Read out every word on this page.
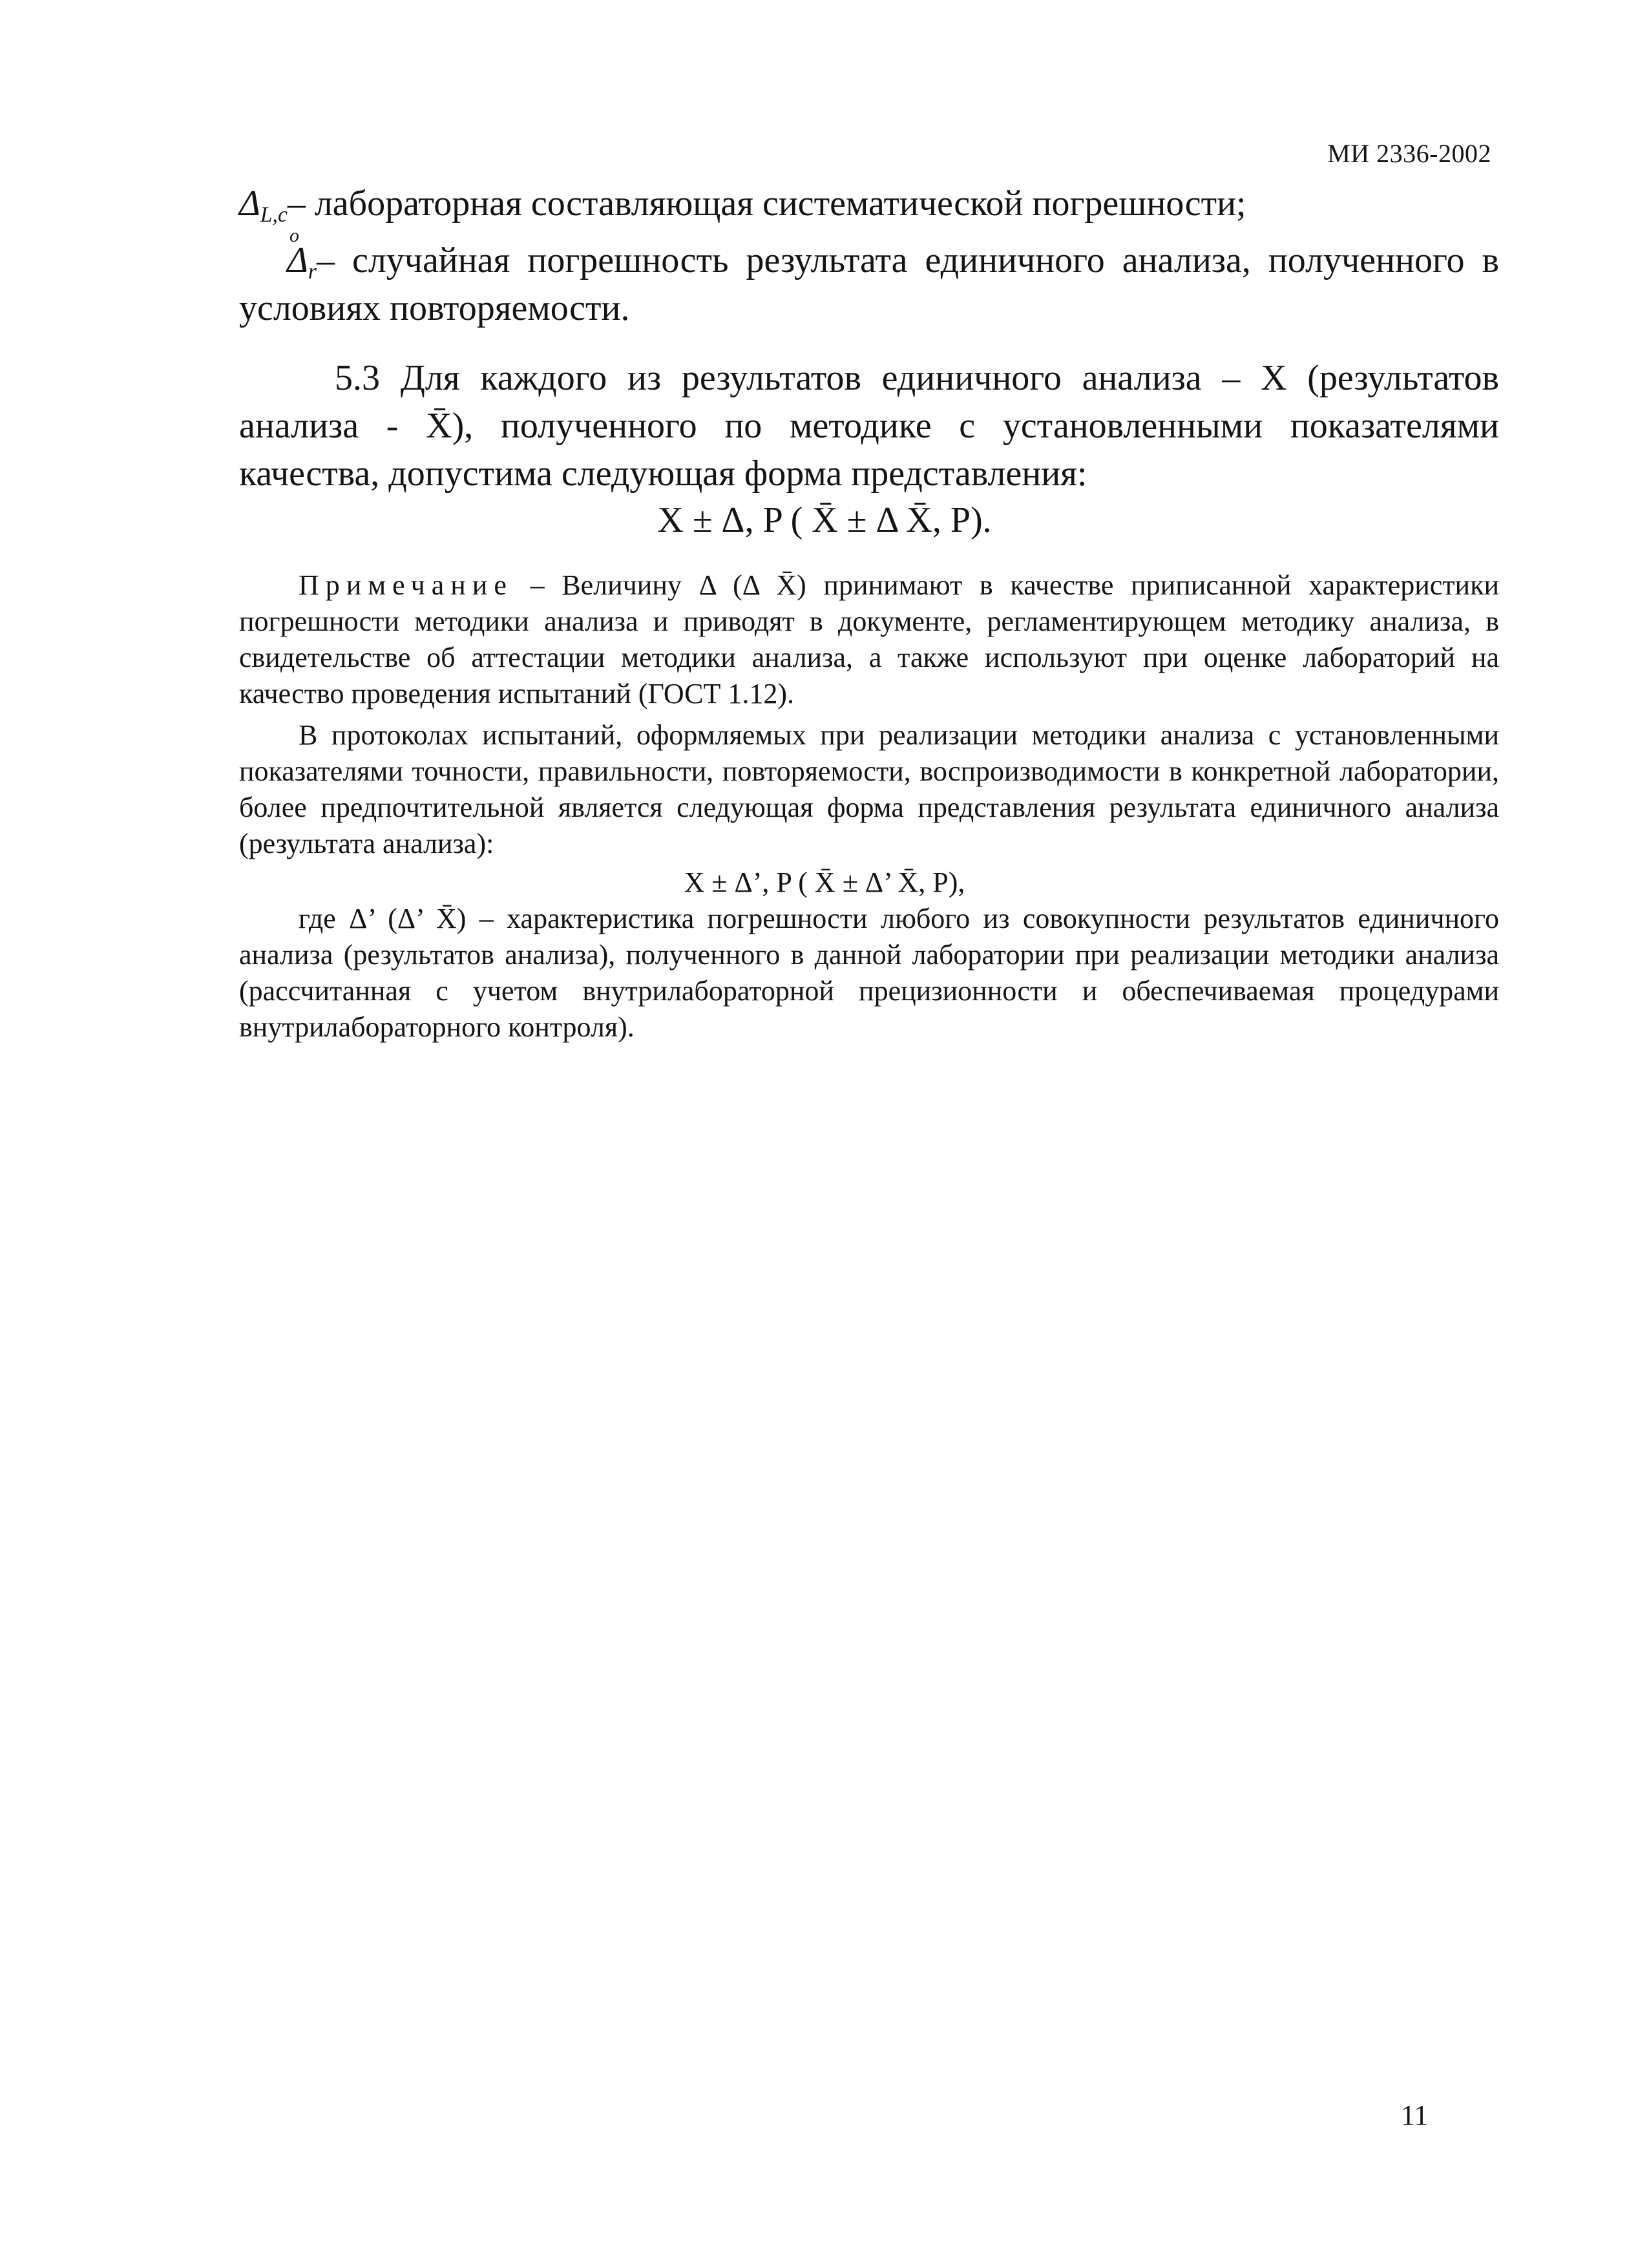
МИ 2336-2002
$\Delta_{L,c}-$ лабораторная составляющая систематической погрешности;
o
$\Delta_r-$ случайная погрешность результата единичного анализа, полученного в условиях повторяемости.
5.3 Для каждого из результатов единичного анализа – X (результатов анализа - X̄), полученного по методике с установленными показателями качества, допустима следующая форма представления:
X ± Δ, P ( X̄ ± Δ X̄, P).
Примечание – Величину Δ (Δ X̄) принимают в качестве приписанной характеристики погрешности методики анализа и приводят в документе, регламентирующем методику анализа, в свидетельстве об аттестации методики анализа, а также используют при оценке лабораторий на качество проведения испытаний (ГОСТ 1.12).
В протоколах испытаний, оформляемых при реализации методики анализа с установленными показателями точности, правильности, повторяемости, воспроизводимости в конкретной лаборатории, более предпочтительной является следующая форма представления результата единичного анализа (результата анализа):
X ± Δ’, P ( X̄ ± Δ’ X̄, P),
где Δ’ (Δ’ X̄) – характеристика погрешности любого из совокупности результатов единичного анализа (результатов анализа), полученного в данной лаборатории при реализации методики анализа (рассчитанная с учетом внутрилабораторной прецизионности и обеспечиваемая процедурами внутрилабораторного контроля).
11
